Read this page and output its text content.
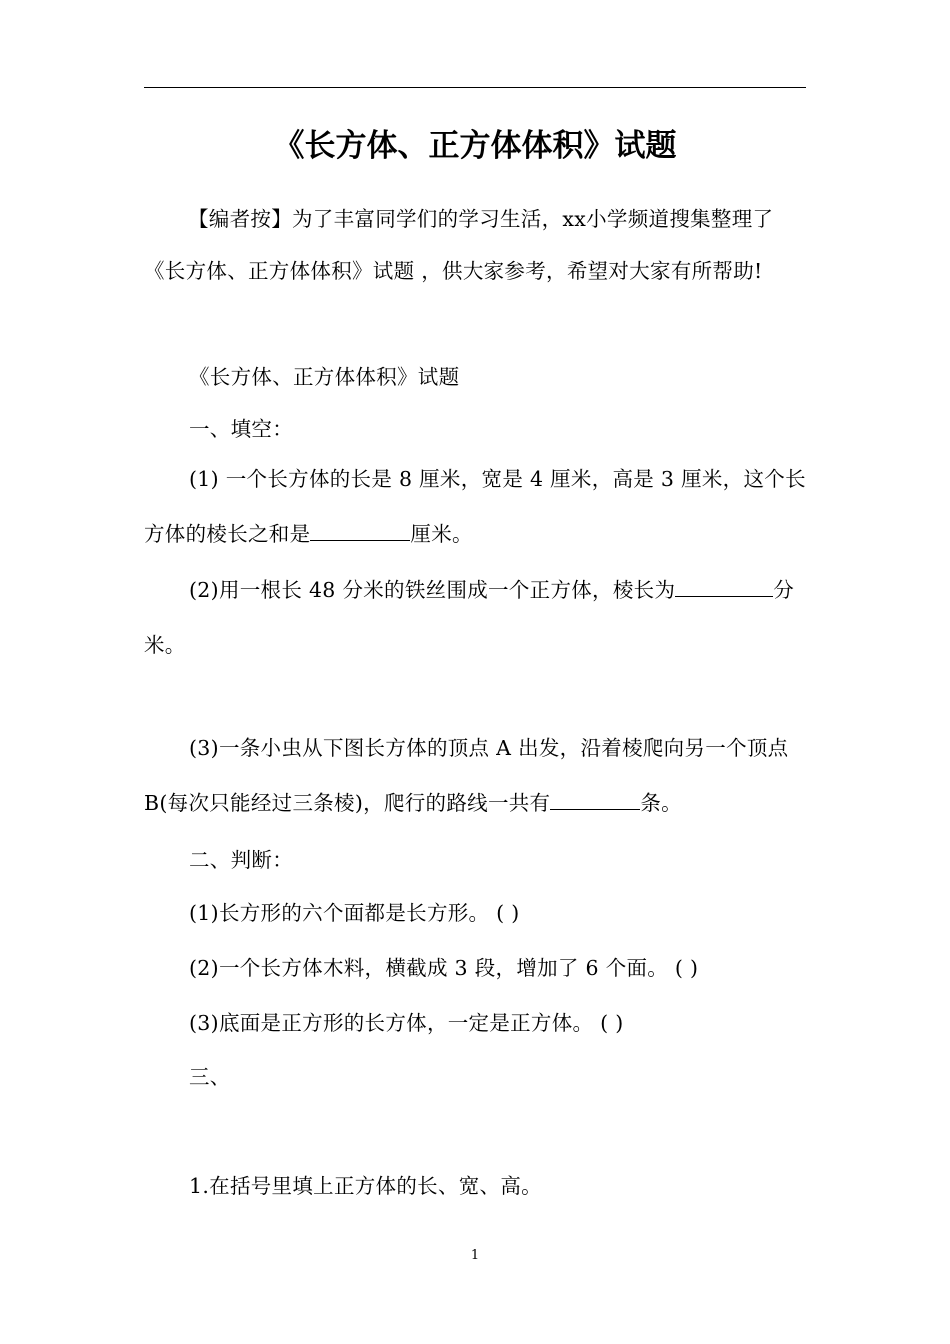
《长方体、正方体体积》试题
【编者按】为了丰富同学们的学习生活，xx小学频道搜集整理了《长方体、正方体体积》试题 ，供大家参考，希望对大家有所帮助!
《长方体、正方体体积》试题
一、填空：
(1) 一个长方体的长是 8 厘米，宽是 4 厘米，高是 3 厘米，这个长方体的棱长之和是	厘米。
(2)用一根长 48 分米的铁丝围成一个正方体，棱长为	分米。
(3)一条小虫从下图长方体的顶点 A 出发，沿着棱爬向另一个顶点 B(每次只能经过三条棱)，爬行的路线一共有	条。
二、判断：
(1)长方形的六个面都是长方形。 ( )
(2)一个长方体木料，横截成 3 段，增加了 6 个面。 ( )
(3)底面是正方形的长方体，一定是正方体。 ( )
三、
1.在括号里填上正方体的长、宽、高。
1
